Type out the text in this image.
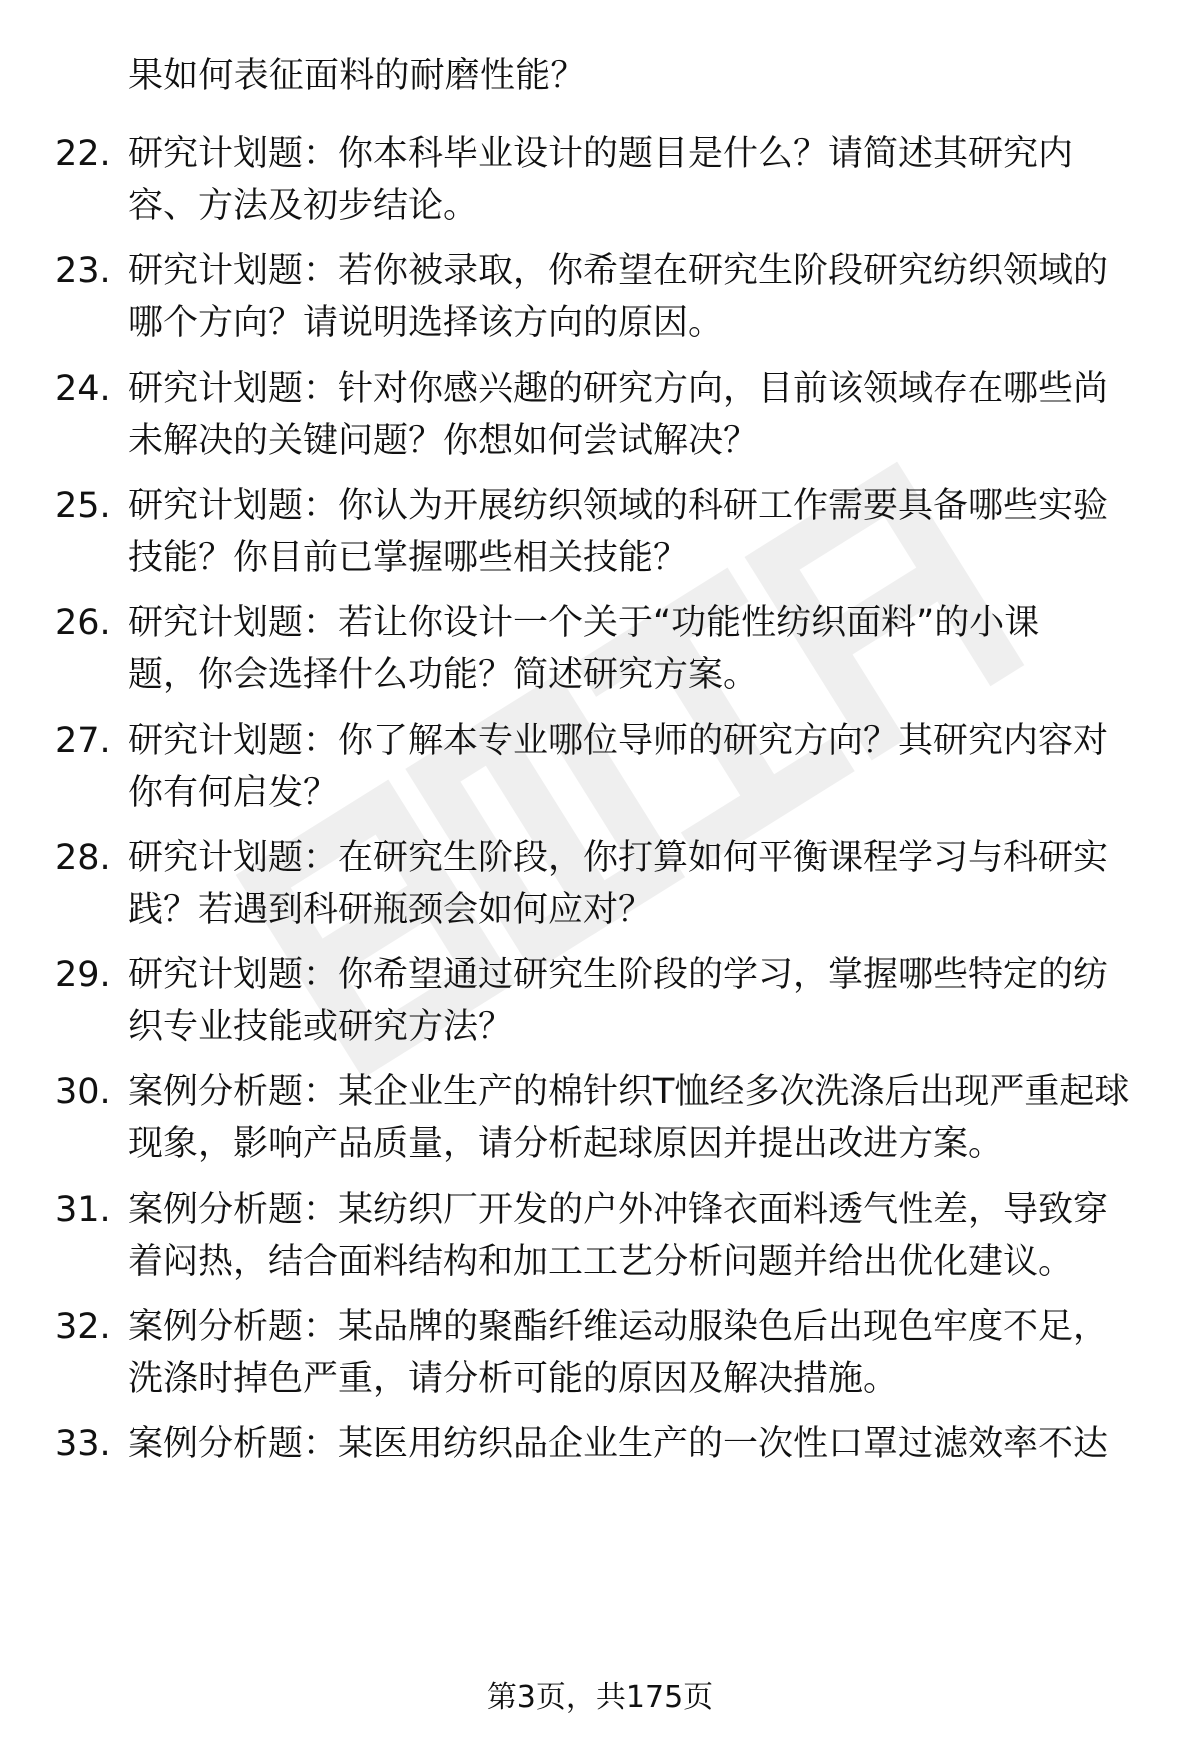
果如何表征面料的耐磨性能？
22. 研究计划题：你本科毕业设计的题目是什么？请简述其研究内
容、方法及初步结论。
23. 研究计划题：若你被录取，你希望在研究生阶段研究纺织领域的
哪个方向？请说明选择该方向的原因。
24. 研究计划题：针对你感兴趣的研究方向，目前该领域存在哪些尚
未解决的关键问题？你想如何尝试解决？
25. 研究计划题：你认为开展纺织领域的科研工作需要具备哪些实验
技能？你目前已掌握哪些相关技能？
26. 研究计划题：若让你设计一个关于“功能性纺织面料”的小课
题，你会选择什么功能？简述研究方案。
27. 研究计划题：你了解本专业哪位导师的研究方向？其研究内容对
你有何启发？
28. 研究计划题：在研究生阶段，你打算如何平衡课程学习与科研实
践？若遇到科研瓶颈会如何应对？
29. 研究计划题：你希望通过研究生阶段的学习，掌握哪些特定的纺
织专业技能或研究方法？
30. 案例分析题：某企业生产的棉针织T恤经多次洗涤后出现严重起球
现象，影响产品质量，请分析起球原因并提出改进方案。
31. 案例分析题：某纺织厂开发的户外冲锋衣面料透气性差，导致穿
着闷热，结合面料结构和加工工艺分析问题并给出优化建议。
32. 案例分析题：某品牌的聚酯纤维运动服染色后出现色牢度不足，
洗涤时掉色严重，请分析可能的原因及解决措施。
33. 案例分析题：某医用纺织品企业生产的一次性口罩过滤效率不达
第3页，共175页
